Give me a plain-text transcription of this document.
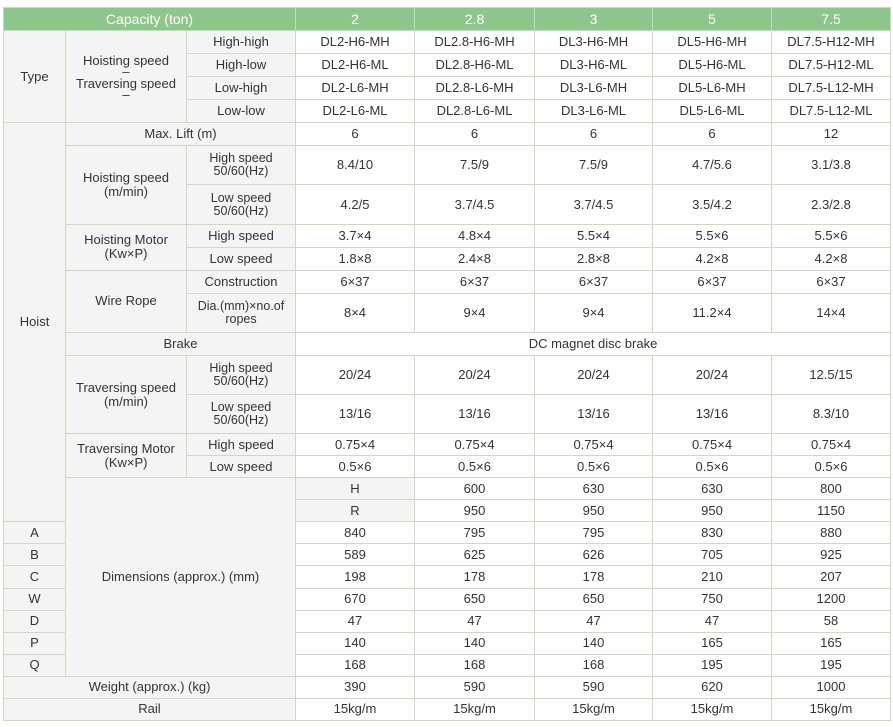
Capacity (ton)			2	2.8	3	5	7.5	
Type	Hoisting speed
–
Traversing speed
–	High-high	DL2-H6-MH	DL2.8-H6-MH	DL3-H6-MH	DL5-H6-MH	DL7.5-H12-MH	
		High-low	DL2-H6-ML	DL2.8-H6-ML	DL3-H6-ML	DL5-H6-ML	DL7.5-H12-ML	
		Low-high	DL2-L6-MH	DL2.8-L6-MH	DL3-L6-MH	DL5-L6-MH	DL7.5-L12-MH	
		Low-low	DL2-L6-ML	DL2.8-L6-ML	DL3-L6-ML	DL5-L6-ML	DL7.5-L12-ML	
Hoist	Max. Lift (m)		6	6	6	6	12	
	Hoisting speed (m/min)	High speed 50/60(Hz)	8.4/10	7.5/9	7.5/9	4.7/5.6	3.1/3.8	
		Low speed 50/60(Hz)	4.2/5	3.7/4.5	3.7/4.5	3.5/4.2	2.3/2.8	
	Hoisting Motor (Kw×P)	High speed	3.7×4	4.8×4	5.5×4	5.5×6	5.5×6	
		Low speed	1.8×8	2.4×8	2.8×8	4.2×8	4.2×8	
	Wire Rope	Construction	6×37	6×37	6×37	6×37	6×37	
		Dia.(mm)×no.of ropes	8×4	9×4	9×4	11.2×4	14×4	
	Brake		DC magnet disc brake					
	Traversing speed (m/min)	High speed 50/60(Hz)	20/24	20/24	20/24	20/24	12.5/15	
		Low speed 50/60(Hz)	13/16	13/16	13/16	13/16	8.3/10	
	Traversing Motor (Kw×P)	High speed	0.75×4	0.75×4	0.75×4	0.75×4	0.75×4	
		Low speed	0.5×6	0.5×6	0.5×6	0.5×6	0.5×6	
	Dimensions (approx.) (mm)		H	600	630	630	800	
			R	950	950	950	1150	
A			840	795	795	830	880	
B			589	625	626	705	925	
C			198	178	178	210	207	
W			670	650	650	750	1200	
D			47	47	47	47	58	
P			140	140	140	165	165	
Q			168	168	168	195	195	
Weight (approx.) (kg)			390	590	590	620	1000	
Rail			15kg/m	15kg/m	15kg/m	15kg/m	15kg/m	
